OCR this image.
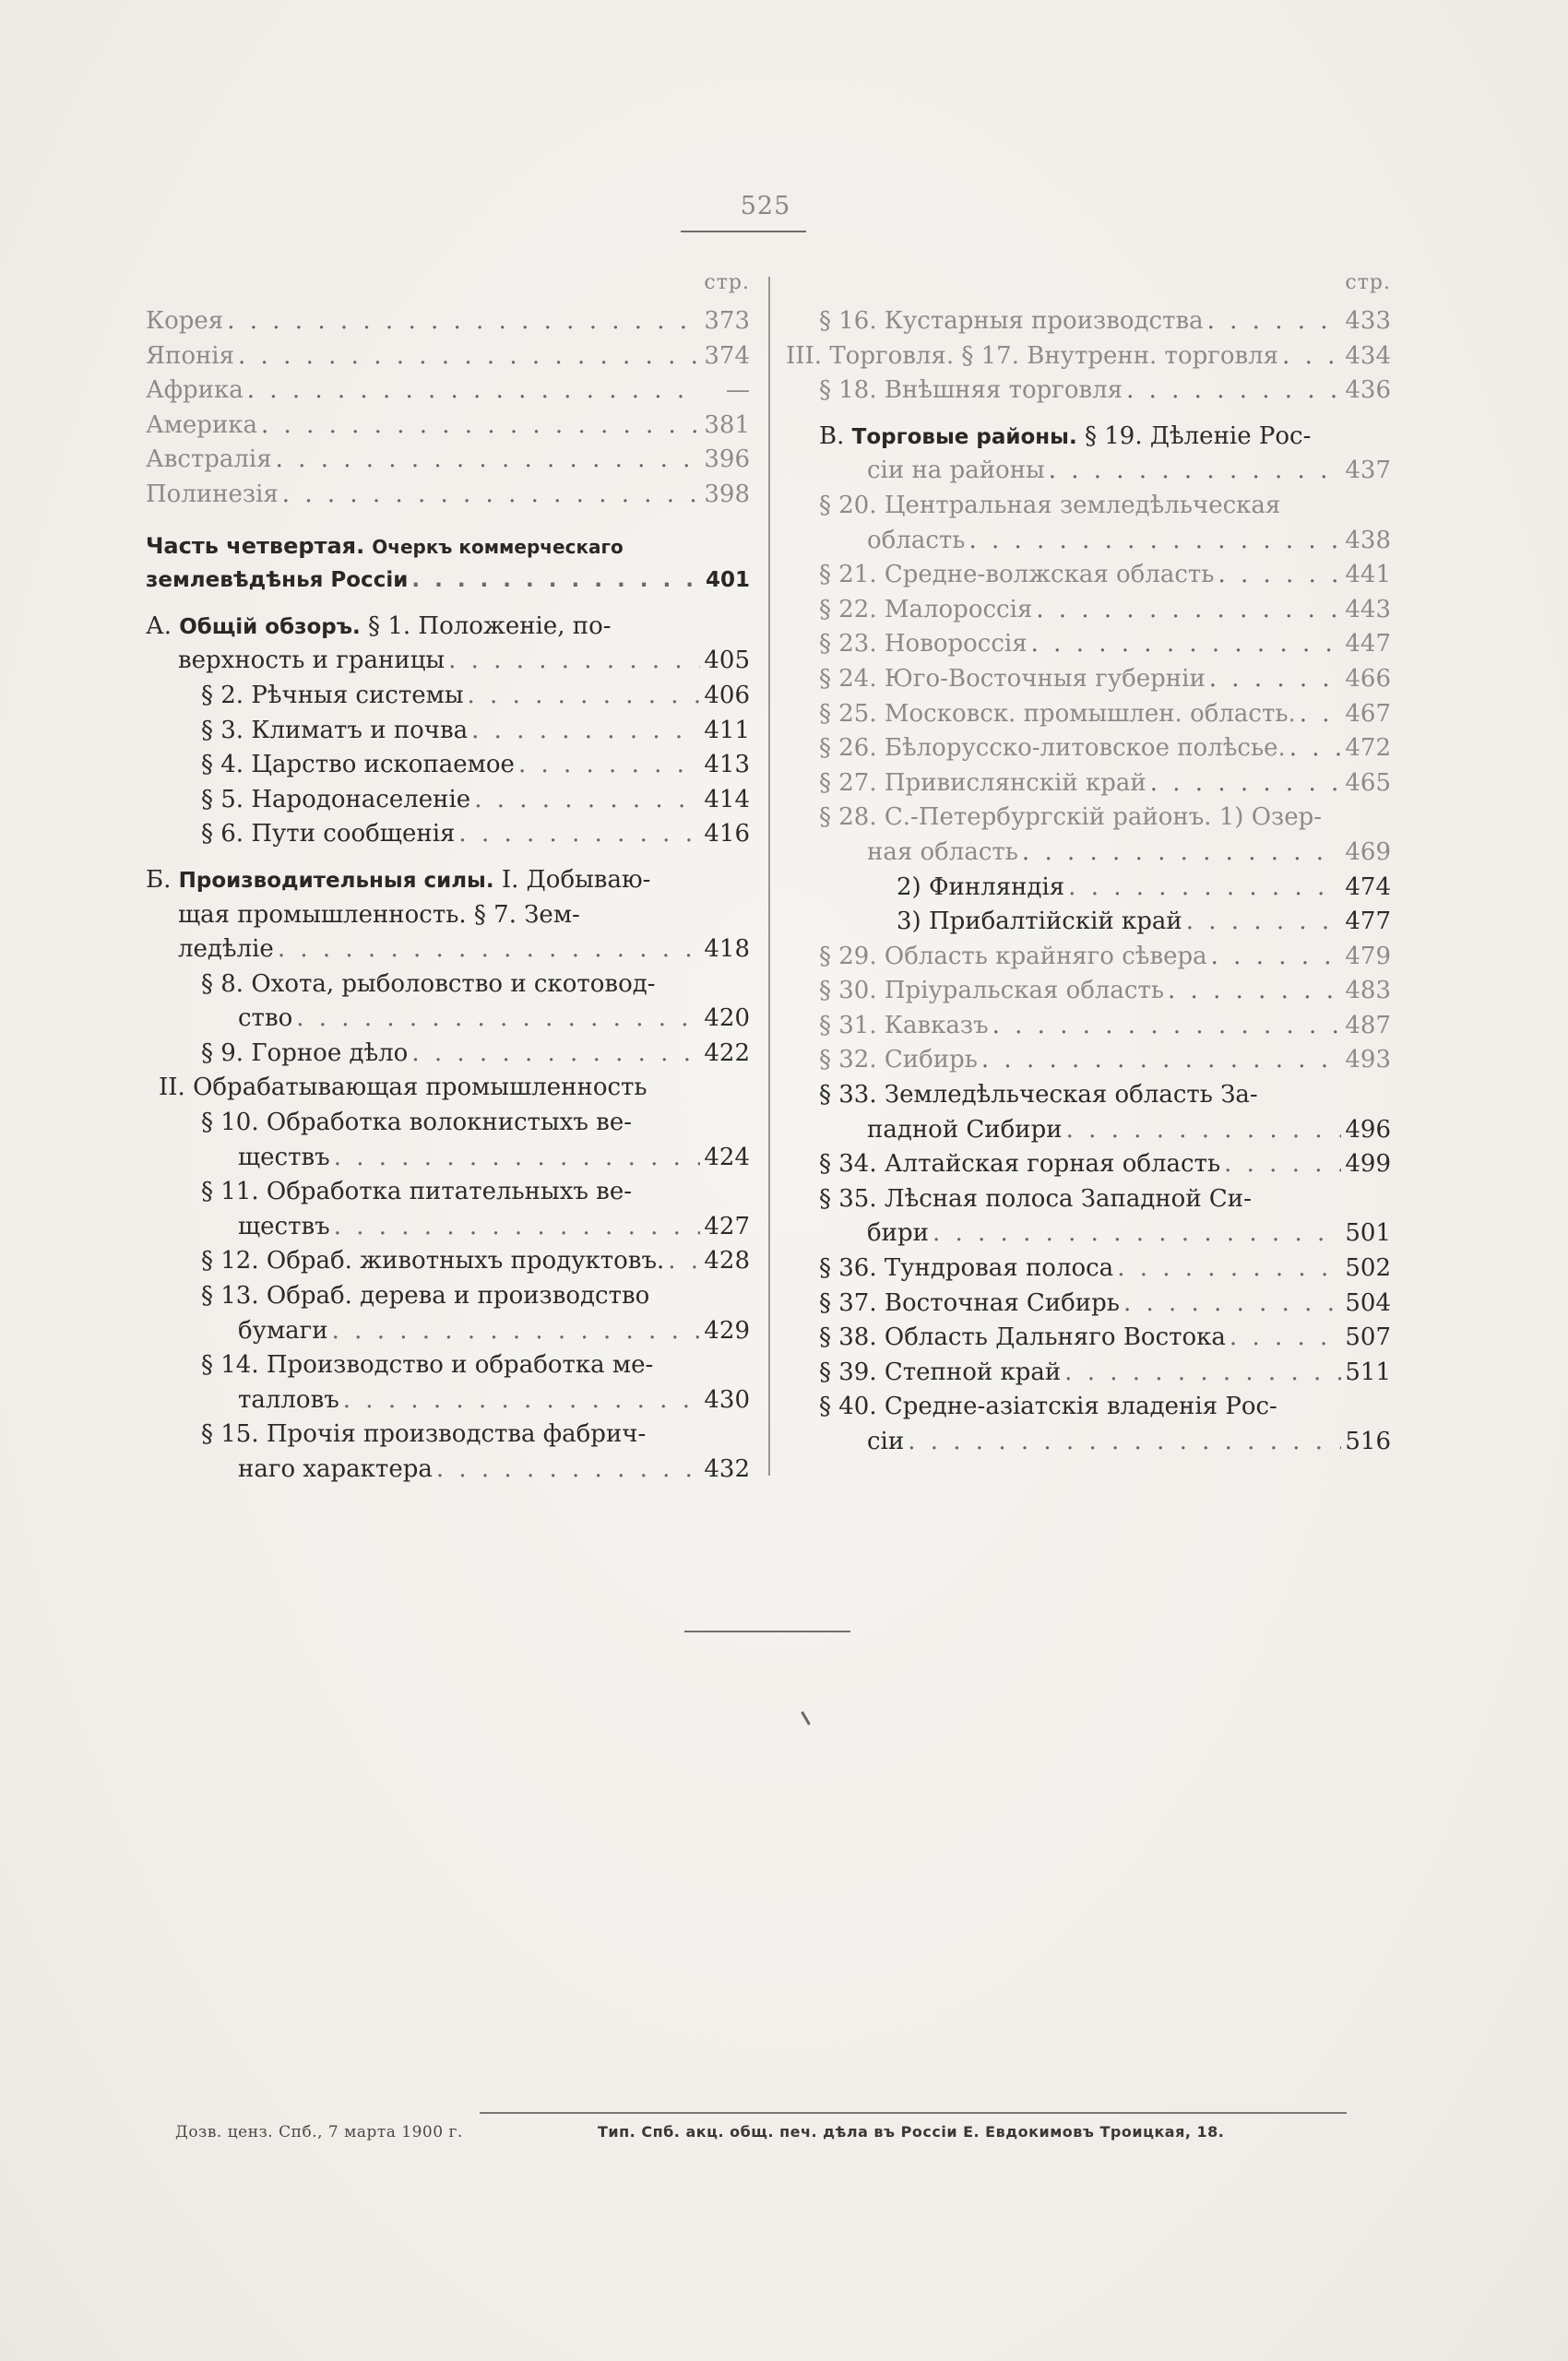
525
стр.
Корея . . .	373
Японія . . .	374
Африка . . .	—
Америка . . .	381
Австралія . . .	396
Полинезія . . .	398
Часть четвертая. Очеркъ коммерческаго
землевѣдѣнья Россіи . . .	401
А. Общій обзоръ. § 1. Положеніе, по-
верхность и границы . . .	405
§ 2. Рѣчныя системы . . .	406
§ 3. Климатъ и почва . . .	411
§ 4. Царство ископаемое . . .	413
§ 5. Народонаселеніе . . .	414
§ 6. Пути сообщенія . . .	416
Б. Производительныя силы. I. Добываю-
щая промышленность. § 7. Зем-
ледѣліе . . .	418
§ 8. Охота, рыболовство и скотовод-
ство . . .	420
§ 9. Горное дѣло . . .	422
II. Обрабатывающая промышленность
§ 10. Обработка волокнистыхъ ве-
ществъ . . .	424
§ 11. Обработка питательныхъ ве-
ществъ . . .	427
§ 12. Обраб. животныхъ продуктовъ. . . . 428
§ 13. Обраб. дерева и производство
бумаги . . .	429
§ 14. Производство и обработка ме-
талловъ . . .	430
§ 15. Прочія производства фабрич-
наго характера . . .	432
стр.
§ 16. Кустарныя производства . . .	433
III. Торговля. § 17. Внутренн. торговля . . .	434
§ 18. Внѣшняя торговля . . .	436
В. Торговые районы. § 19. Дѣленіе Рос-
сіи на районы . . .	437
§ 20. Центральная земледѣльческая
область . . .	438
§ 21. Средне-волжская область . . .	441
§ 22. Малороссія . . .	443
§ 23. Новороссія . . .	447
§ 24. Юго-Восточныя губерніи . . .	466
§ 25. Московск. промышлен. область. . . . 467
§ 26. Бѣлорусско-литовское полѣсье. . . . 472
§ 27. Привислянскій край . . .	465
§ 28. С.-Петербургскій районъ. 1) Озер-
ная область . . .	469
2) Финляндія . . .	474
3) Прибалтійскій край . . .	477
§ 29. Область крайняго сѣвера . . .	479
§ 30. Пріуральская область . . .	483
§ 31. Кавказъ . . .	487
§ 32. Сибирь . . .	493
§ 33. Земледѣльческая область За-
падной Сибири . . .	496
§ 34. Алтайская горная область . . .	499
§ 35. Лѣсная полоса Западной Си-
бири . . .	501
§ 36. Тундровая полоса . . .	502
§ 37. Восточная Сибирь . . .	504
§ 38. Область Дальняго Востока . . .	507
§ 39. Степной край . . .	511
§ 40. Средне-азіатскія владенія Рос-
сіи . . .	516
Дозв. ценз. Спб., 7 марта 1900 г.	Тип. Спб. акц. общ. печ. дѣла въ Россіи Е. Евдокимовъ Троицкая, 18.
